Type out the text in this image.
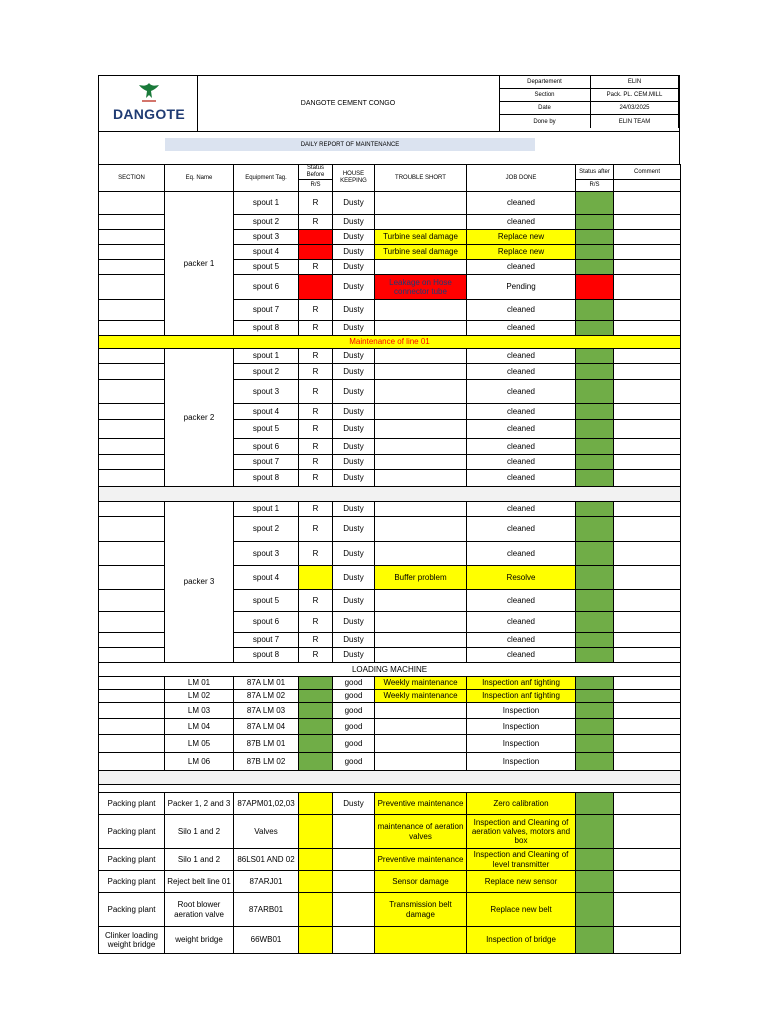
DANGOTE
DANGOTE CEMENT CONGO
Departement	ELIN
Section	Pack. PL. CEM.MILL
Date	24/03/2025
Done by	ELIN TEAM
DAILY REPORT OF MAINTENANCE
SECTION	Eq. Name	Equipment Tag.	Status Before	HOUSE KEEPING	TROUBLE SHORT	JOB DONE	Status after	Comment
			R/S				R/S	
	packer 1	spout 1	R	Dusty		cleaned		
		spout 2	R	Dusty		cleaned		
		spout 3		Dusty	Turbine seal damage	Replace new		
		spout 4		Dusty	Turbine seal damage	Replace new		
		spout 5	R	Dusty		cleaned		
		spout 6		Dusty	Leakage on Hose connector tube	Pending		
		spout 7	R	Dusty		cleaned		
		spout 8	R	Dusty		cleaned		
Maintenance of line 01								
	packer 2	spout 1	R	Dusty		cleaned		
		spout 2	R	Dusty		cleaned		
		spout 3	R	Dusty		cleaned		
		spout 4	R	Dusty		cleaned		
		spout 5	R	Dusty		cleaned		
		spout 6	R	Dusty		cleaned		
		spout 7	R	Dusty		cleaned		
		spout 8	R	Dusty		cleaned		

	packer 3	spout 1	R	Dusty		cleaned		
		spout 2	R	Dusty		cleaned		
		spout 3	R	Dusty		cleaned		
		spout 4		Dusty	Buffer problem	Resolve		
		spout 5	R	Dusty		cleaned		
		spout 6	R	Dusty		cleaned		
		spout 7	R	Dusty		cleaned		
		spout 8	R	Dusty		cleaned		
LOADING MACHINE								
	LM 01	87A LM 01		good	Weekly maintenance	Inspection anf tighting		
	LM 02	87A LM 02		good	Weekly maintenance	Inspection anf tighting		
	LM 03	87A LM 03		good		Inspection		
	LM 04	87A LM 04		good		Inspection		
	LM 05	87B LM 01		good		Inspection		
	LM 06	87B LM 02		good		Inspection		

Packing plant	Packer 1, 2 and 3	87APM01,02,03		Dusty	Preventive maintenance	Zero calibration		
Packing plant	Silo 1 and 2	Valves			maintenance of aeration valves	Inspection and Cleaning of aeration valves, motors and box		
Packing plant	Silo 1 and 2	86LS01 AND 02			Preventive maintenance	Inspection and Cleaning of level transmitter		
Packing plant	Reject belt line 01	87ARJ01			Sensor damage	Replace new sensor		
Packing plant	Root blower aeration valve	87ARB01			Transmission belt damage	Replace new belt		
Clinker loading weight bridge	weight bridge	66WB01				Inspection of bridge		
